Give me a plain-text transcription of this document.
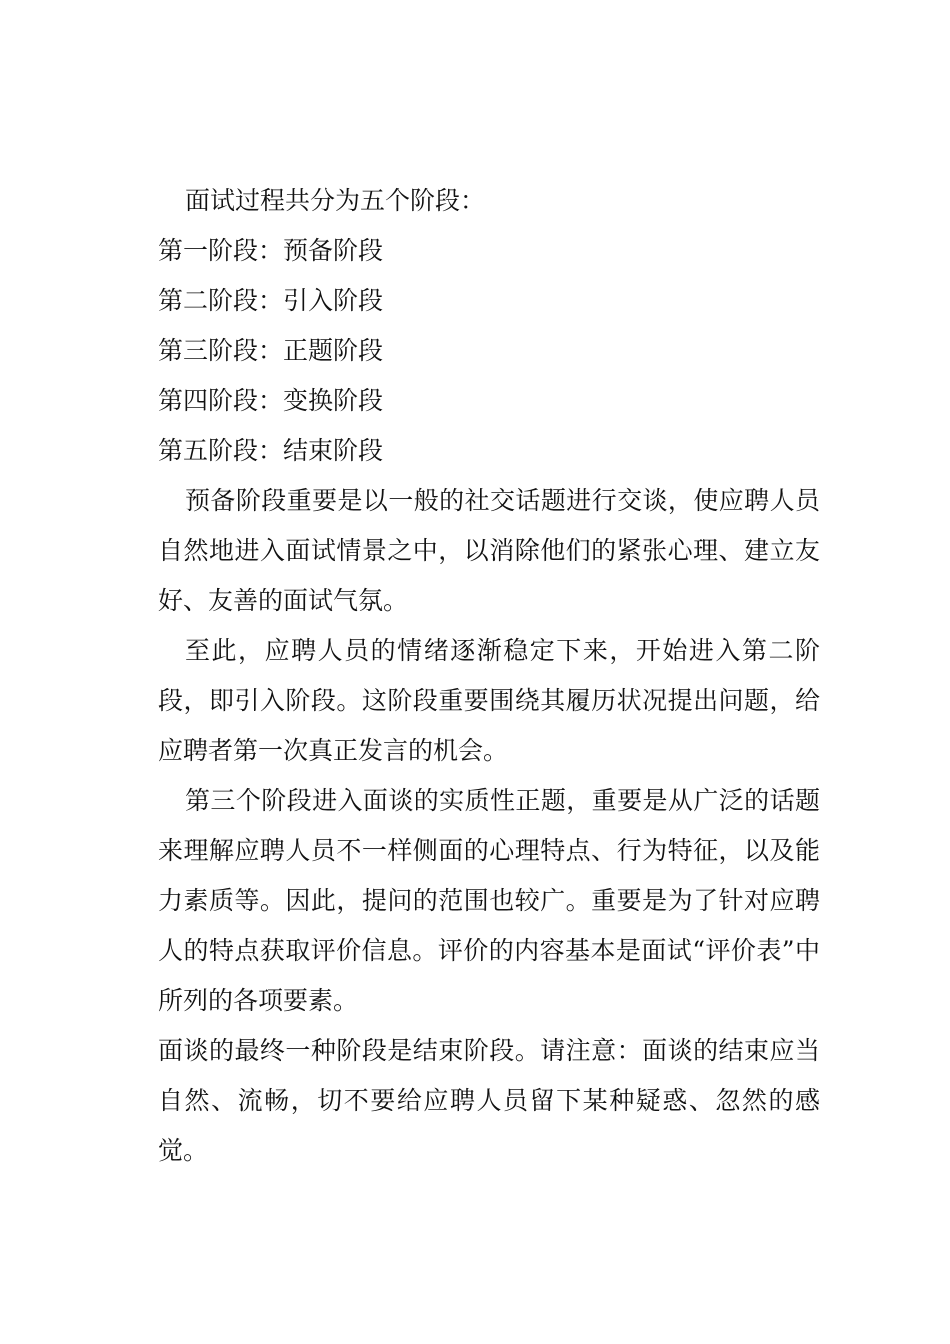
面试过程共分为五个阶段：

第一阶段：预备阶段

第二阶段：引入阶段

第三阶段：正题阶段

第四阶段：变换阶段

第五阶段：结束阶段

预备阶段重要是以一般的社交话题进行交谈，使应聘人员自然地进入面试情景之中，以消除他们的紧张心理、建立友好、友善的面试气氛。

至此，应聘人员的情绪逐渐稳定下来，开始进入第二阶段，即引入阶段。这阶段重要围绕其履历状况提出问题，给应聘者第一次真正发言的机会。

第三个阶段进入面谈的实质性正题，重要是从广泛的话题来理解应聘人员不一样侧面的心理特点、行为特征，以及能力素质等。因此，提问的范围也较广。重要是为了针对应聘人的特点获取评价信息。评价的内容基本是面试“评价表”中所列的各项要素。

面谈的最终一种阶段是结束阶段。请注意：面谈的结束应当自然、流畅，切不要给应聘人员留下某种疑惑、忽然的感觉。
